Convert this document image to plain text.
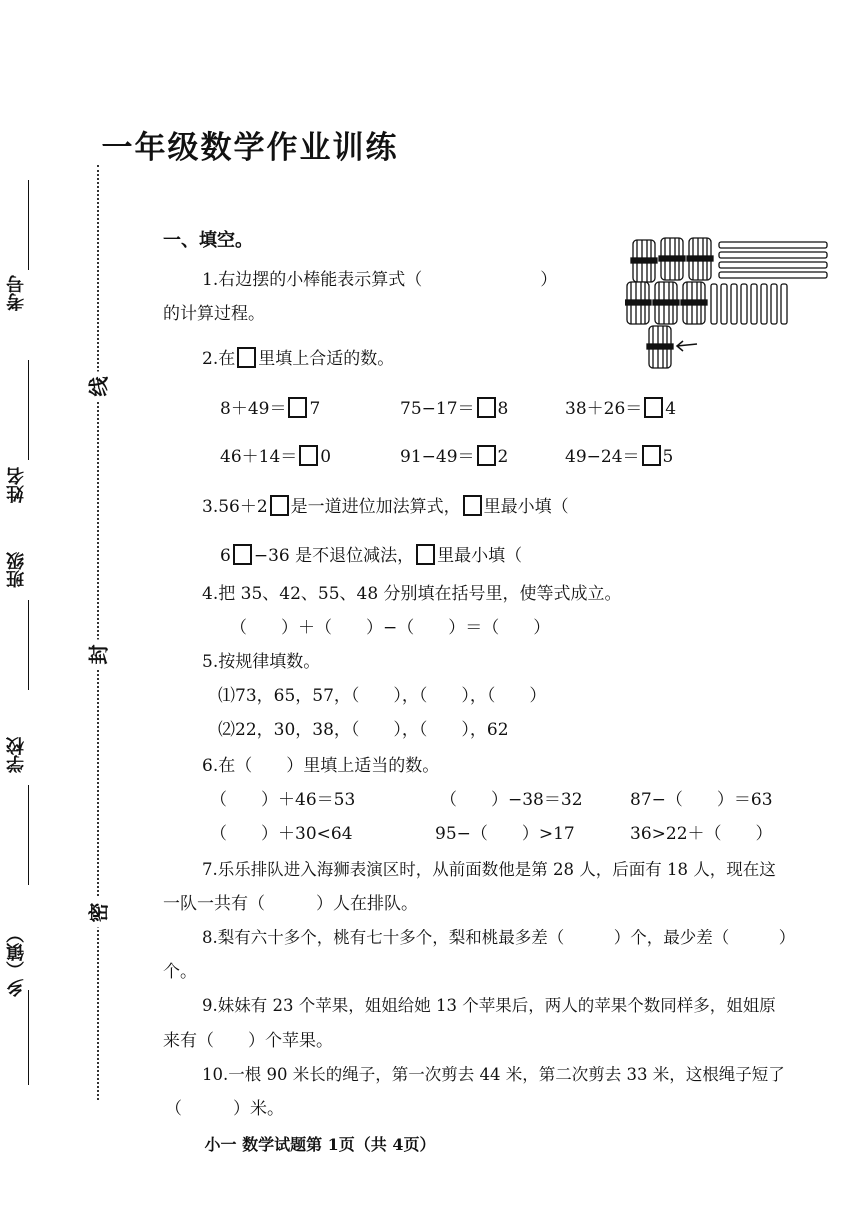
考号
姓名
班级
学校
乡（镇）
线
封
密
一年级数学作业训练
一、填空。
1.右边摆的小棒能表示算式（	）
的计算过程。
2.在 里填上合适的数。
8＋49＝ 7	75−17＝ 8	38＋26＝ 4
46＋14＝ 0	91−49＝ 2	49−24＝ 5
3.56＋2 是一道进位加法算式， 里最小填（
6 −36 是不退位减法， 里最小填（
4.把 35、42、55、48 分别填在括号里，使等式成立。
（　　）＋（　　）−（　　）＝（　　）
5.按规律填数。
⑴73，65，57，（　　），（　　），（　　）
⑵22，30，38，（　　），（　　），62
6.在（　　）里填上适当的数。
（　　）＋46＝53	（　　）−38＝32	87−（　　）＝63
（　　）＋30<64	95−（　　）>17	36>22＋（　　）
7.乐乐排队进入海狮表演区时，从前面数他是第 28 人，后面有 18 人，现在这
一队一共有（　　　）人在排队。
8.梨有六十多个，桃有七十多个，梨和桃最多差（　　　）个，最少差（　　　）
个。
9.妹妹有 23 个苹果，姐姐给她 13 个苹果后，两人的苹果个数同样多，姐姐原
来有（　　）个苹果。
10.一根 90 米长的绳子，第一次剪去 44 米，第二次剪去 33 米，这根绳子短了
（　　　）米。
小一 数学试题第 1页（共 4页）
